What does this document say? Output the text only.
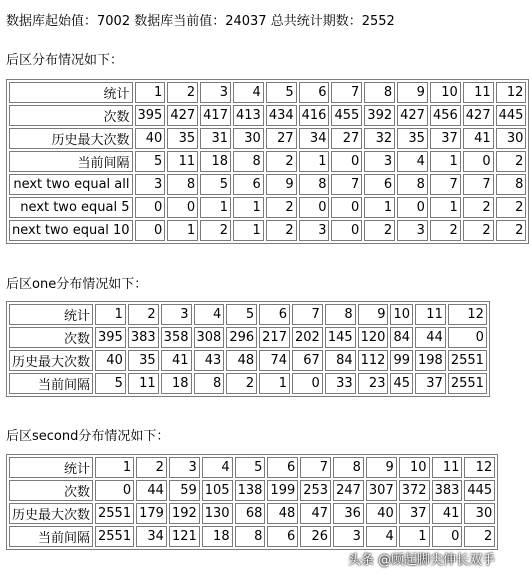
数据库起始值：7002 数据库当前值：24037 总共统计期数：2552
后区分布情况如下：
统计	1	2	3	4	5	6	7	8	9	10	11	12
次数	395	427	417	413	434	416	455	392	427	456	427	445
历史最大次数	40	35	31	30	27	34	27	32	35	37	41	30
当前间隔	5	11	18	8	2	1	0	3	4	1	0	2
next two equal all	3	8	5	6	9	8	7	6	8	7	7	8
next two equal 5	0	0	1	1	2	0	0	1	0	1	2	2
next two equal 10	0	1	2	1	2	3	0	2	3	2	2	2
后区one分布情况如下：
统计	1	2	3	4	5	6	7	8	9	10	11	12
次数	395	383	358	308	296	217	202	145	120	84	44	0
历史最大次数	40	35	41	43	48	74	67	84	112	99	198	2551
当前间隔	5	11	18	8	2	1	0	33	23	45	37	2551
后区second分布情况如下：
统计	1	2	3	4	5	6	7	8	9	10	11	12
次数	0	44	59	105	138	199	253	247	307	372	383	445
历史最大次数	2551	179	192	130	68	48	47	36	40	37	41	30
当前间隔	2551	34	121	18	8	6	26	3	4	1	0	2
头条 @顾起脚尖伸长双手
